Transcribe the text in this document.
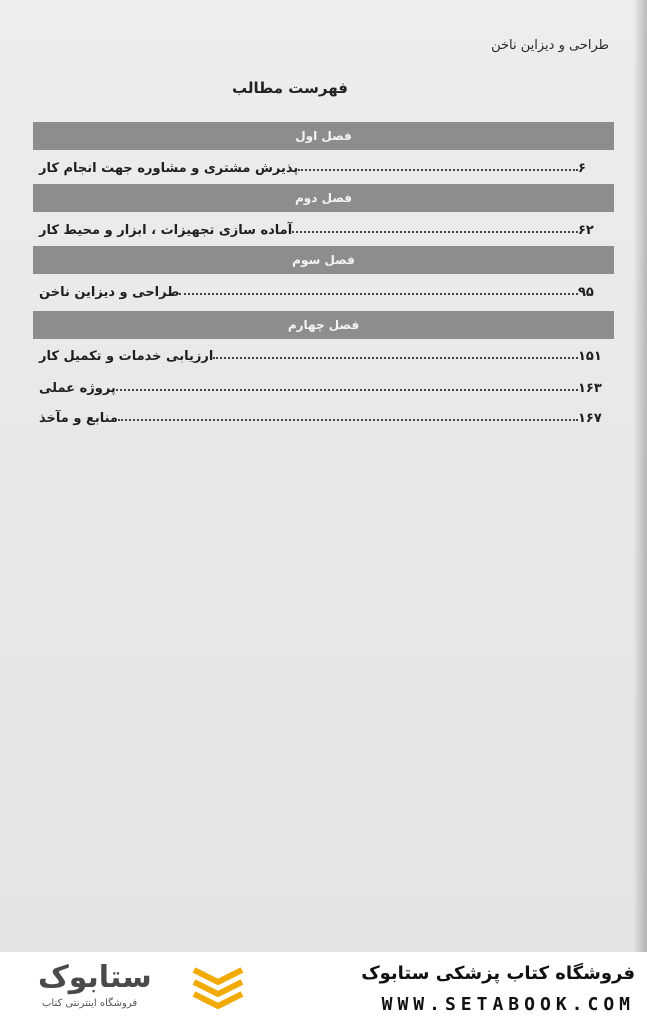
طراحی و دیزاین ناخن
فهرست مطالب
فصل اول
پذیرش مشتری و مشاوره جهت انجام کار	۶
فصل دوم
آماده سازی تجهیزات ، ابزار و محیط کار	۶۲
فصل سوم
طراحی و دیزاین ناخن	۹۵
فصل چهارم
ارزیابی خدمات و تکمیل کار	۱۵۱
پروژه عملی	۱۶۳
منابع و مآخذ	۱۶۷
فروشگاه کتاب پزشکی ستابوک
WWW.SETABOOK.COM
ستابوک
فروشگاه اینترنتی کتاب
